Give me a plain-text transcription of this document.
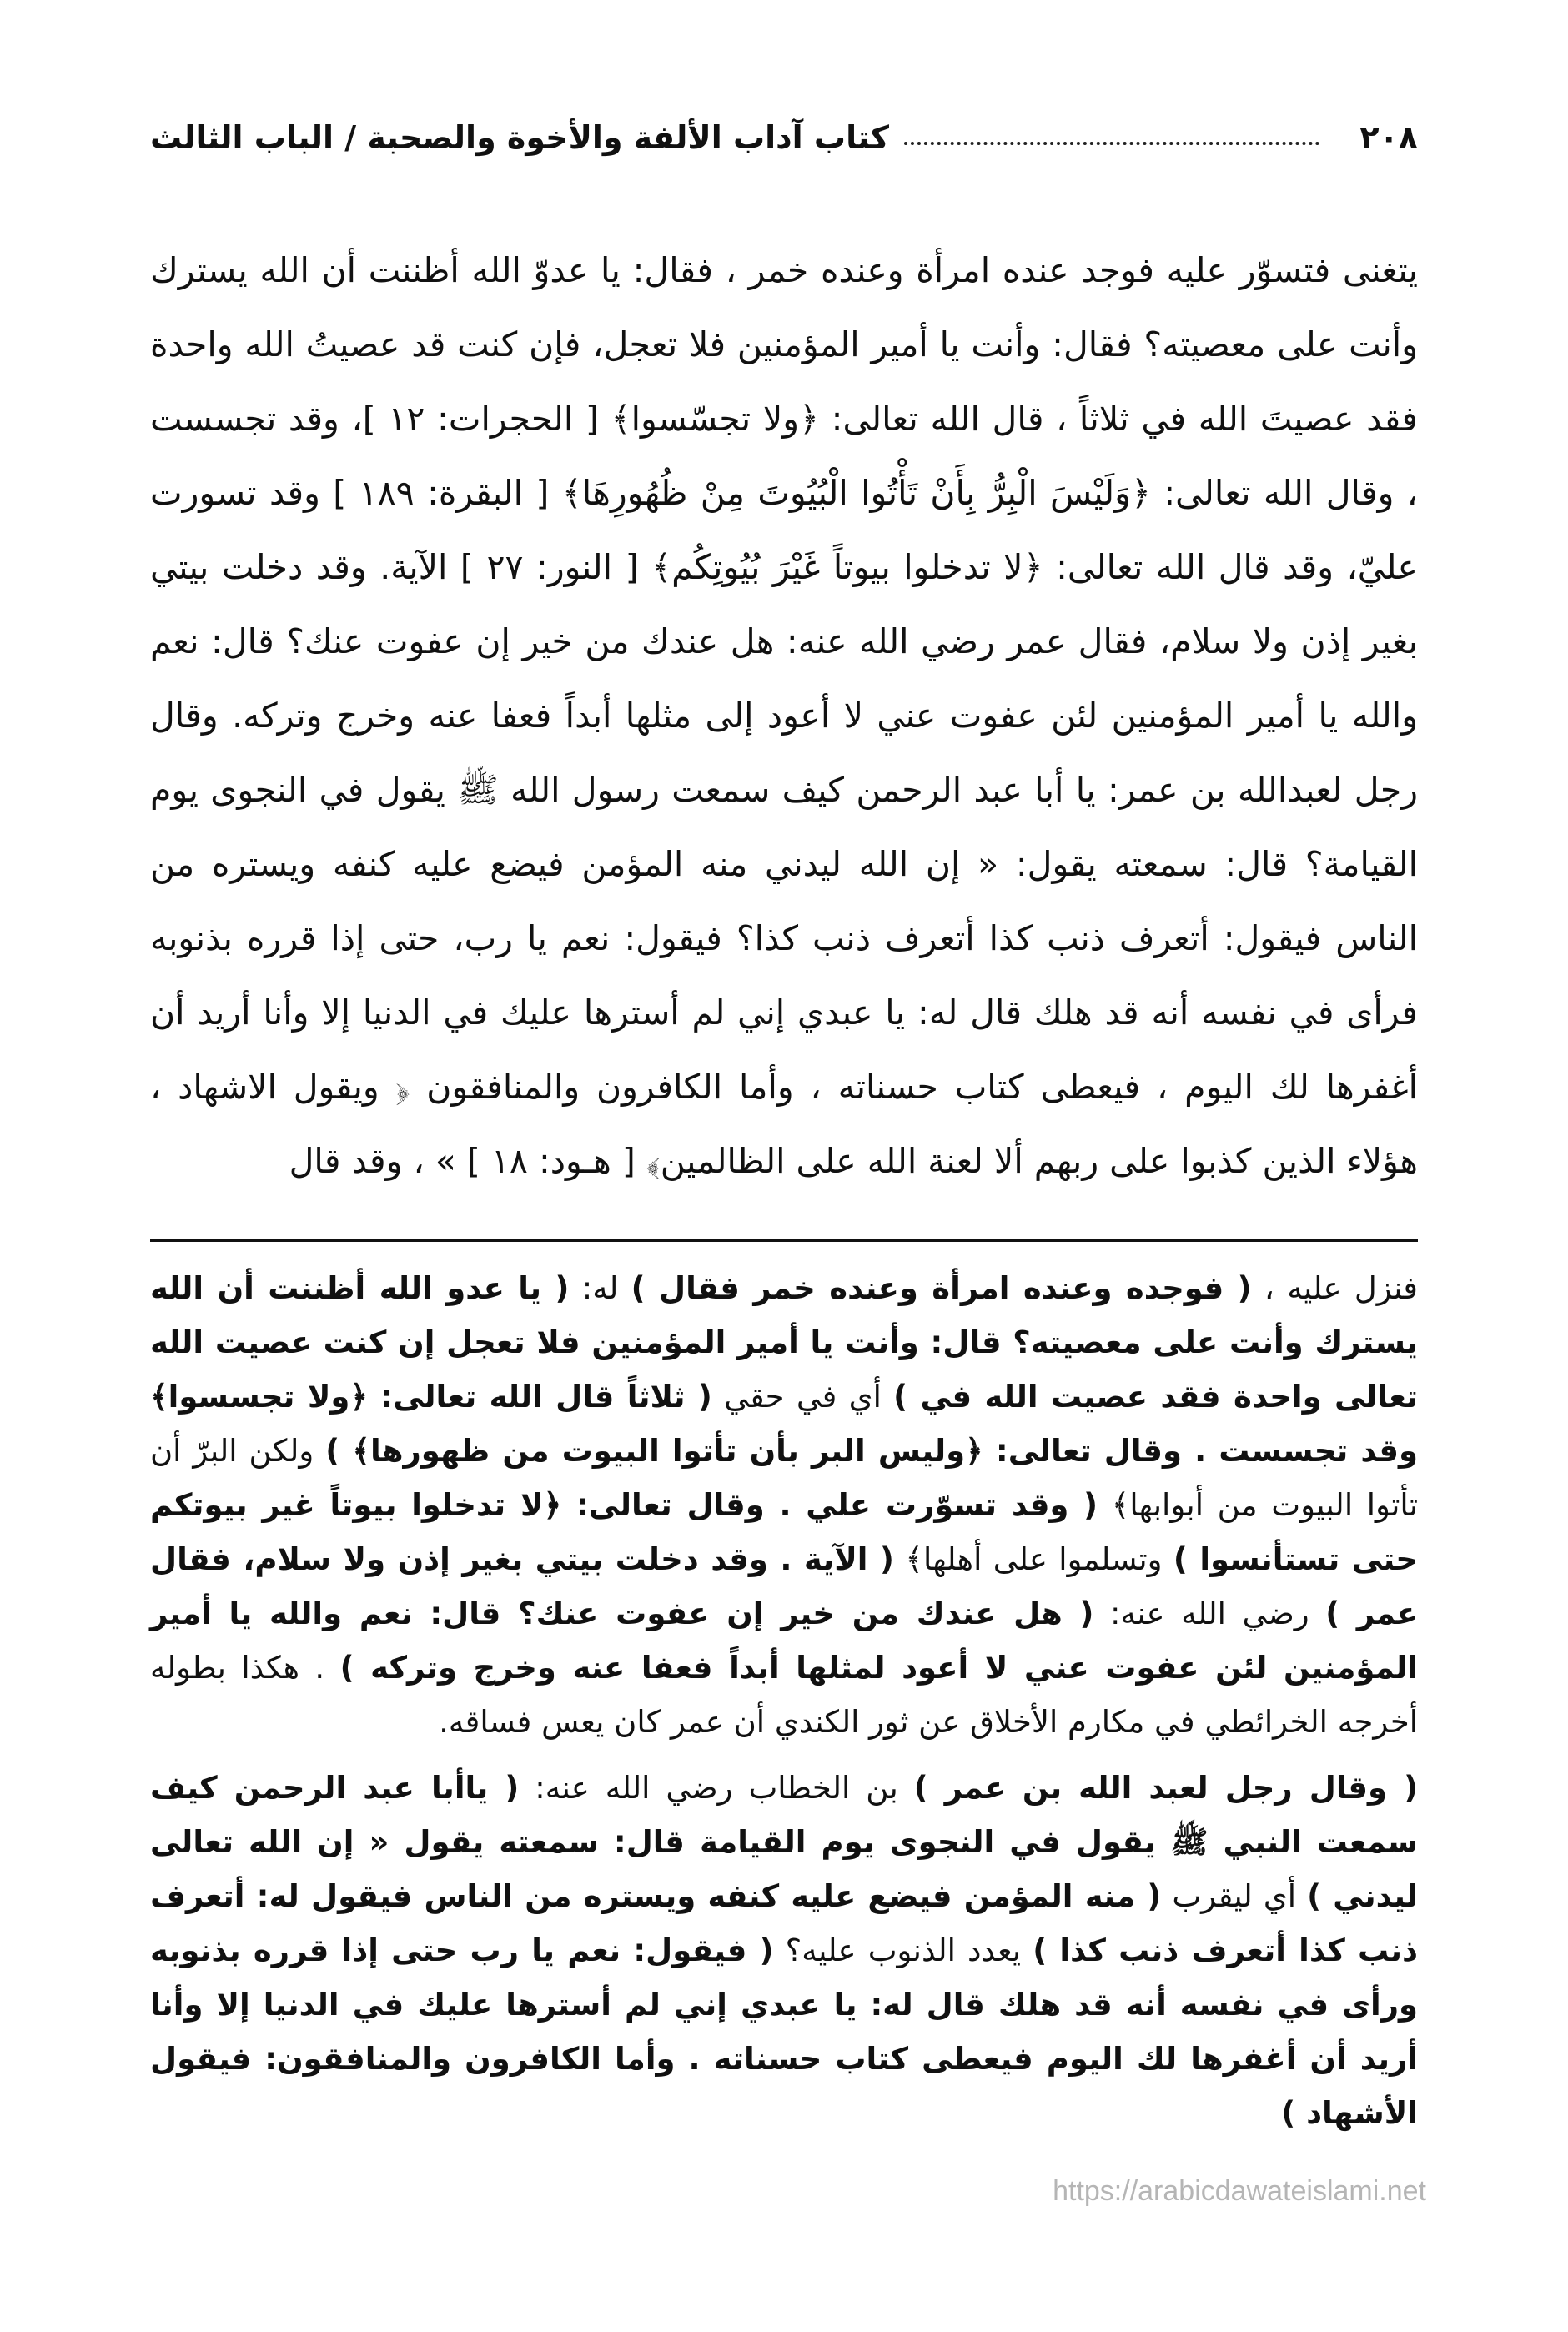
٢٠٨
كتاب آداب الألفة والأخوة والصحبة / الباب الثالث

يتغنى فتسوّر عليه فوجد عنده امرأة وعنده خمر ، فقال: يا عدوّ الله أظننت أن الله يسترك وأنت على معصيته؟ فقال: وأنت يا أمير المؤمنين فلا تعجل، فإن كنت قد عصيتُ الله واحدة فقد عصيتَ الله في ثلاثاً ، قال الله تعالى: ﴿ولا تجسّسوا﴾ [ الحجرات: ١٢ ]، وقد تجسست ، وقال الله تعالى: ﴿وَلَيْسَ الْبِرُّ بِأَنْ تَأْتُوا الْبُيُوتَ مِنْ ظُهُورِهَا﴾ [ البقرة: ١٨٩ ] وقد تسورت عليّ، وقد قال الله تعالى: ﴿لا تدخلوا بيوتاً غَيْرَ بُيُوتِكُم﴾ [ النور: ٢٧ ] الآية. وقد دخلت بيتي بغير إذن ولا سلام، فقال عمر رضي الله عنه: هل عندك من خير إن عفوت عنك؟ قال: نعم والله يا أمير المؤمنين لئن عفوت عني لا أعود إلى مثلها أبداً فعفا عنه وخرج وتركه. وقال رجل لعبدالله بن عمر: يا أبا عبد الرحمن كيف سمعت رسول الله ﷺ يقول في النجوى يوم القيامة؟ قال: سمعته يقول: « إن الله ليدني منه المؤمن فيضع عليه كنفه ويستره من الناس فيقول: أتعرف ذنب كذا أتعرف ذنب كذا؟ فيقول: نعم يا رب، حتى إذا قرره بذنوبه فرأى في نفسه أنه قد هلك قال له: يا عبدي إني لم أسترها عليك في الدنيا إلا وأنا أريد أن أغفرها لك اليوم ، فيعطى كتاب حسناته ، وأما الكافرون والمنافقون ﴿ ويقول الاشهاد ، هؤلاء الذين كذبوا على ربهم ألا لعنة الله على الظالمين﴾ [ هـود: ١٨ ] » ، وقد قال

فنزل عليه ، ( فوجده وعنده امرأة وعنده خمر فقال ) له: ( يا عدو الله أظننت أن الله يسترك وأنت على معصيته؟ قال: وأنت يا أمير المؤمنين فلا تعجل إن كنت عصيت الله تعالى واحدة فقد عصيت الله في ) أي في حقي ( ثلاثاً قال الله تعالى: ﴿ولا تجسسوا﴾ وقد تجسست . وقال تعالى: ﴿وليس البر بأن تأتوا البيوت من ظهورها﴾ ) ولكن البرّ أن تأتوا البيوت من أبوابها﴾ ( وقد تسوّرت علي . وقال تعالى: ﴿لا تدخلوا بيوتاً غير بيوتكم حتى تستأنسوا ) وتسلموا على أهلها﴾ ( الآية . وقد دخلت بيتي بغير إذن ولا سلام، فقال عمر ) رضي الله عنه: ( هل عندك من خير إن عفوت عنك؟ قال: نعم والله يا أمير المؤمنين لئن عفوت عني لا أعود لمثلها أبداً فعفا عنه وخرج وتركه ) . هكذا بطوله أخرجه الخرائطي في مكارم الأخلاق عن ثور الكندي أن عمر كان يعس فساقه.

( وقال رجل لعبد الله بن عمر ) بن الخطاب رضي الله عنه: ( ياأبا عبد الرحمن كيف سمعت النبي ﷺ يقول في النجوى يوم القيامة قال: سمعته يقول « إن الله تعالى ليدني ) أي ليقرب ( منه المؤمن فيضع عليه كنفه ويستره من الناس فيقول له: أتعرف ذنب كذا أتعرف ذنب كذا ) يعدد الذنوب عليه؟ ( فيقول: نعم يا رب حتى إذا قرره بذنوبه ورأى في نفسه أنه قد هلك قال له: يا عبدي إني لم أسترها عليك في الدنيا إلا وأنا أريد أن أغفرها لك اليوم فيعطى كتاب حسناته . وأما الكافرون والمنافقون: فيقول الأشهاد )

https://arabicdawateislami.net
